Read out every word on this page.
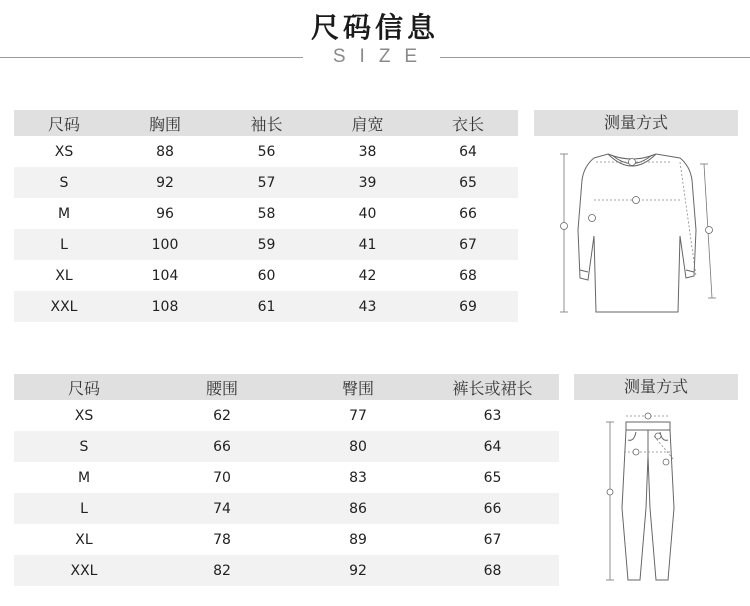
尺码信息
SIZE
尺码	胸围	袖长	肩宽	衣长
XS	88	56	38	64
S	92	57	39	65
M	96	58	40	66
L	100	59	41	67
XL	104	60	42	68
XXL	108	61	43	69
测量方式
尺码	腰围	臀围	裤长或裙长
XS	62	77	63
S	66	80	64
M	70	83	65
L	74	86	66
XL	78	89	67
XXL	82	92	68
测量方式
